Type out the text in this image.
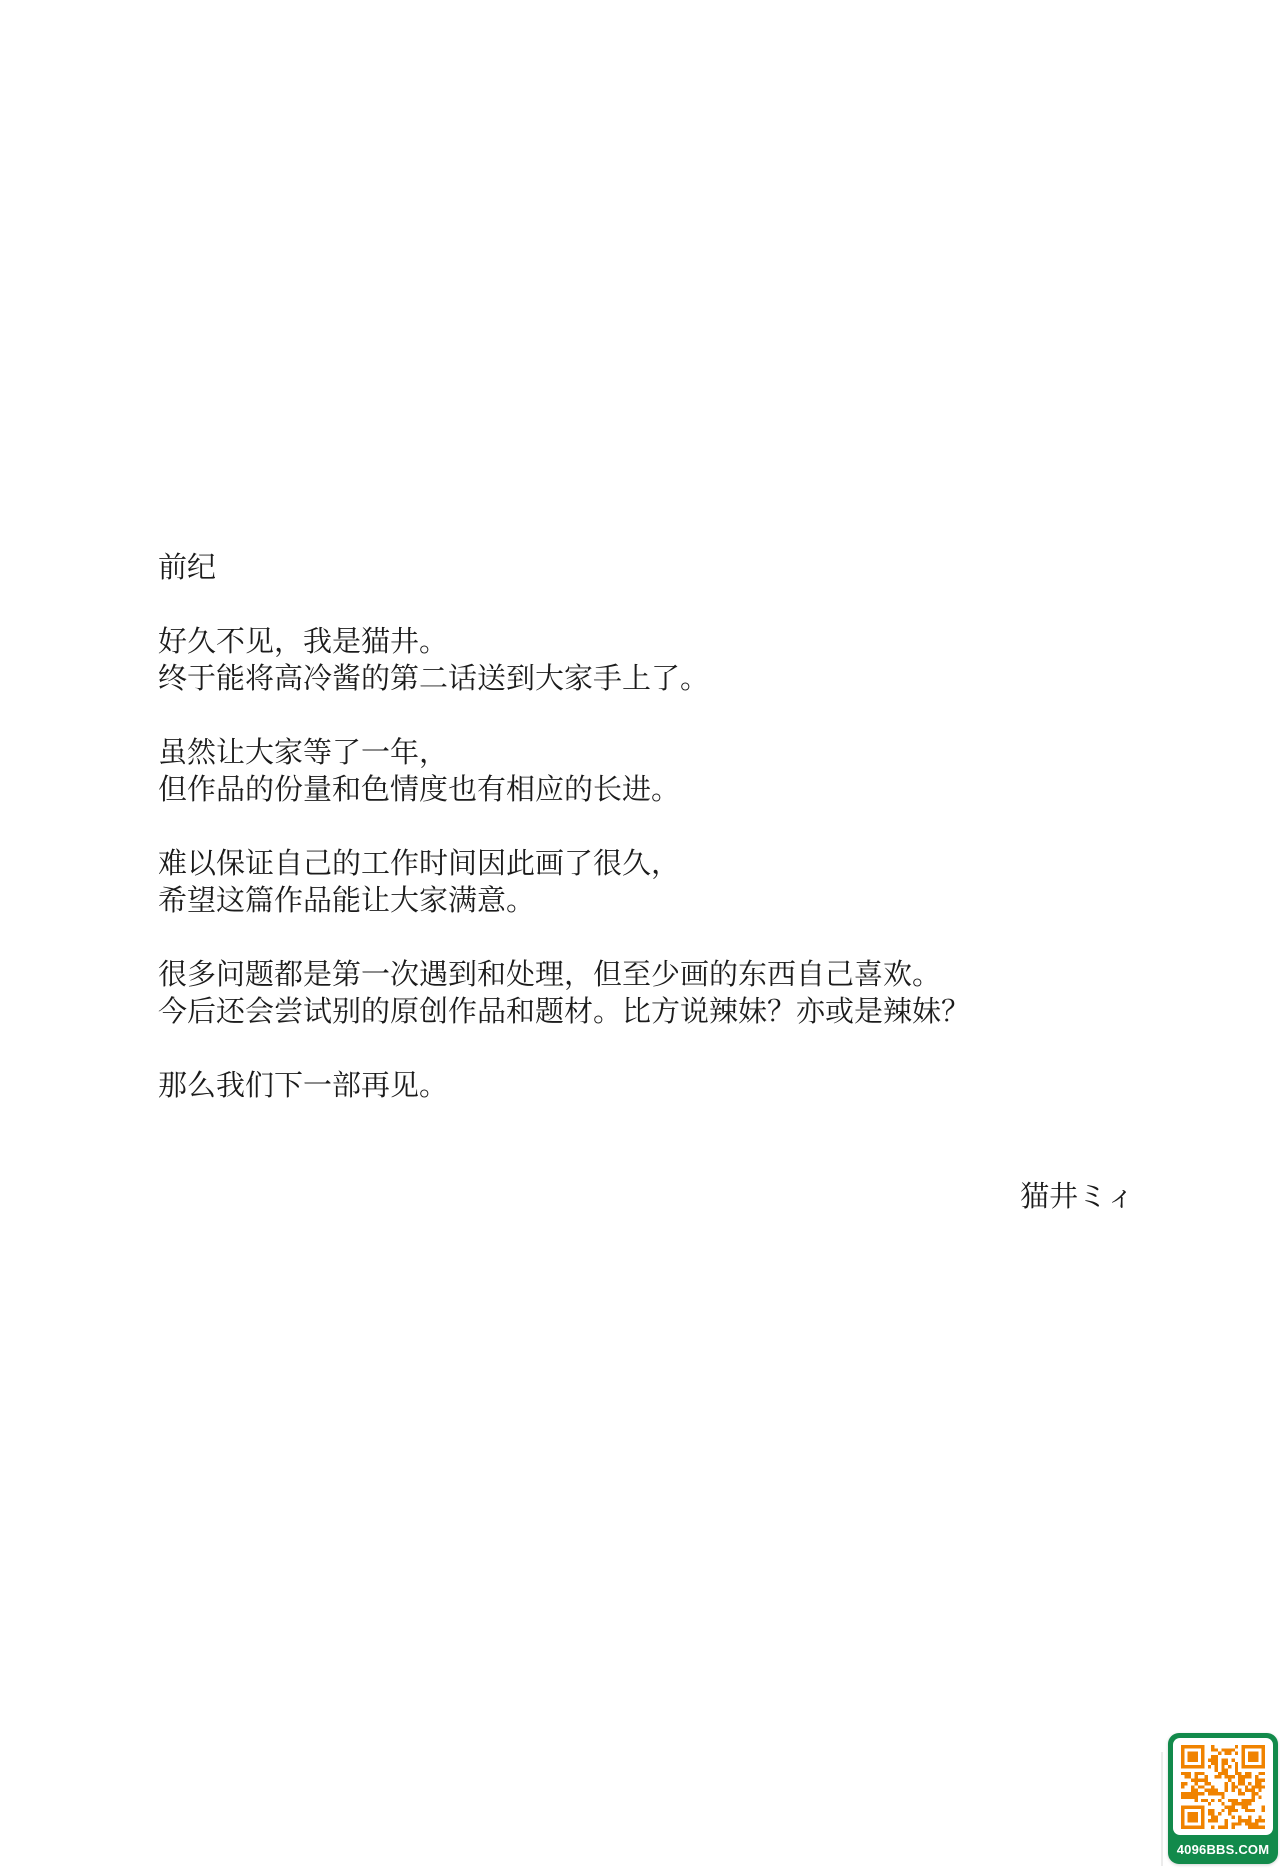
前纪
好久不见，我是猫井。
终于能将高冷酱的第二话送到大家手上了。
虽然让大家等了一年，
但作品的份量和色情度也有相应的长进。
难以保证自己的工作时间因此画了很久，
希望这篇作品能让大家满意。
很多问题都是第一次遇到和处理，但至少画的东西自己喜欢。
今后还会尝试别的原创作品和题材。比方说辣妹？亦或是辣妹？
那么我们下一部再见。
猫井ミィ
4096BBS.COM
